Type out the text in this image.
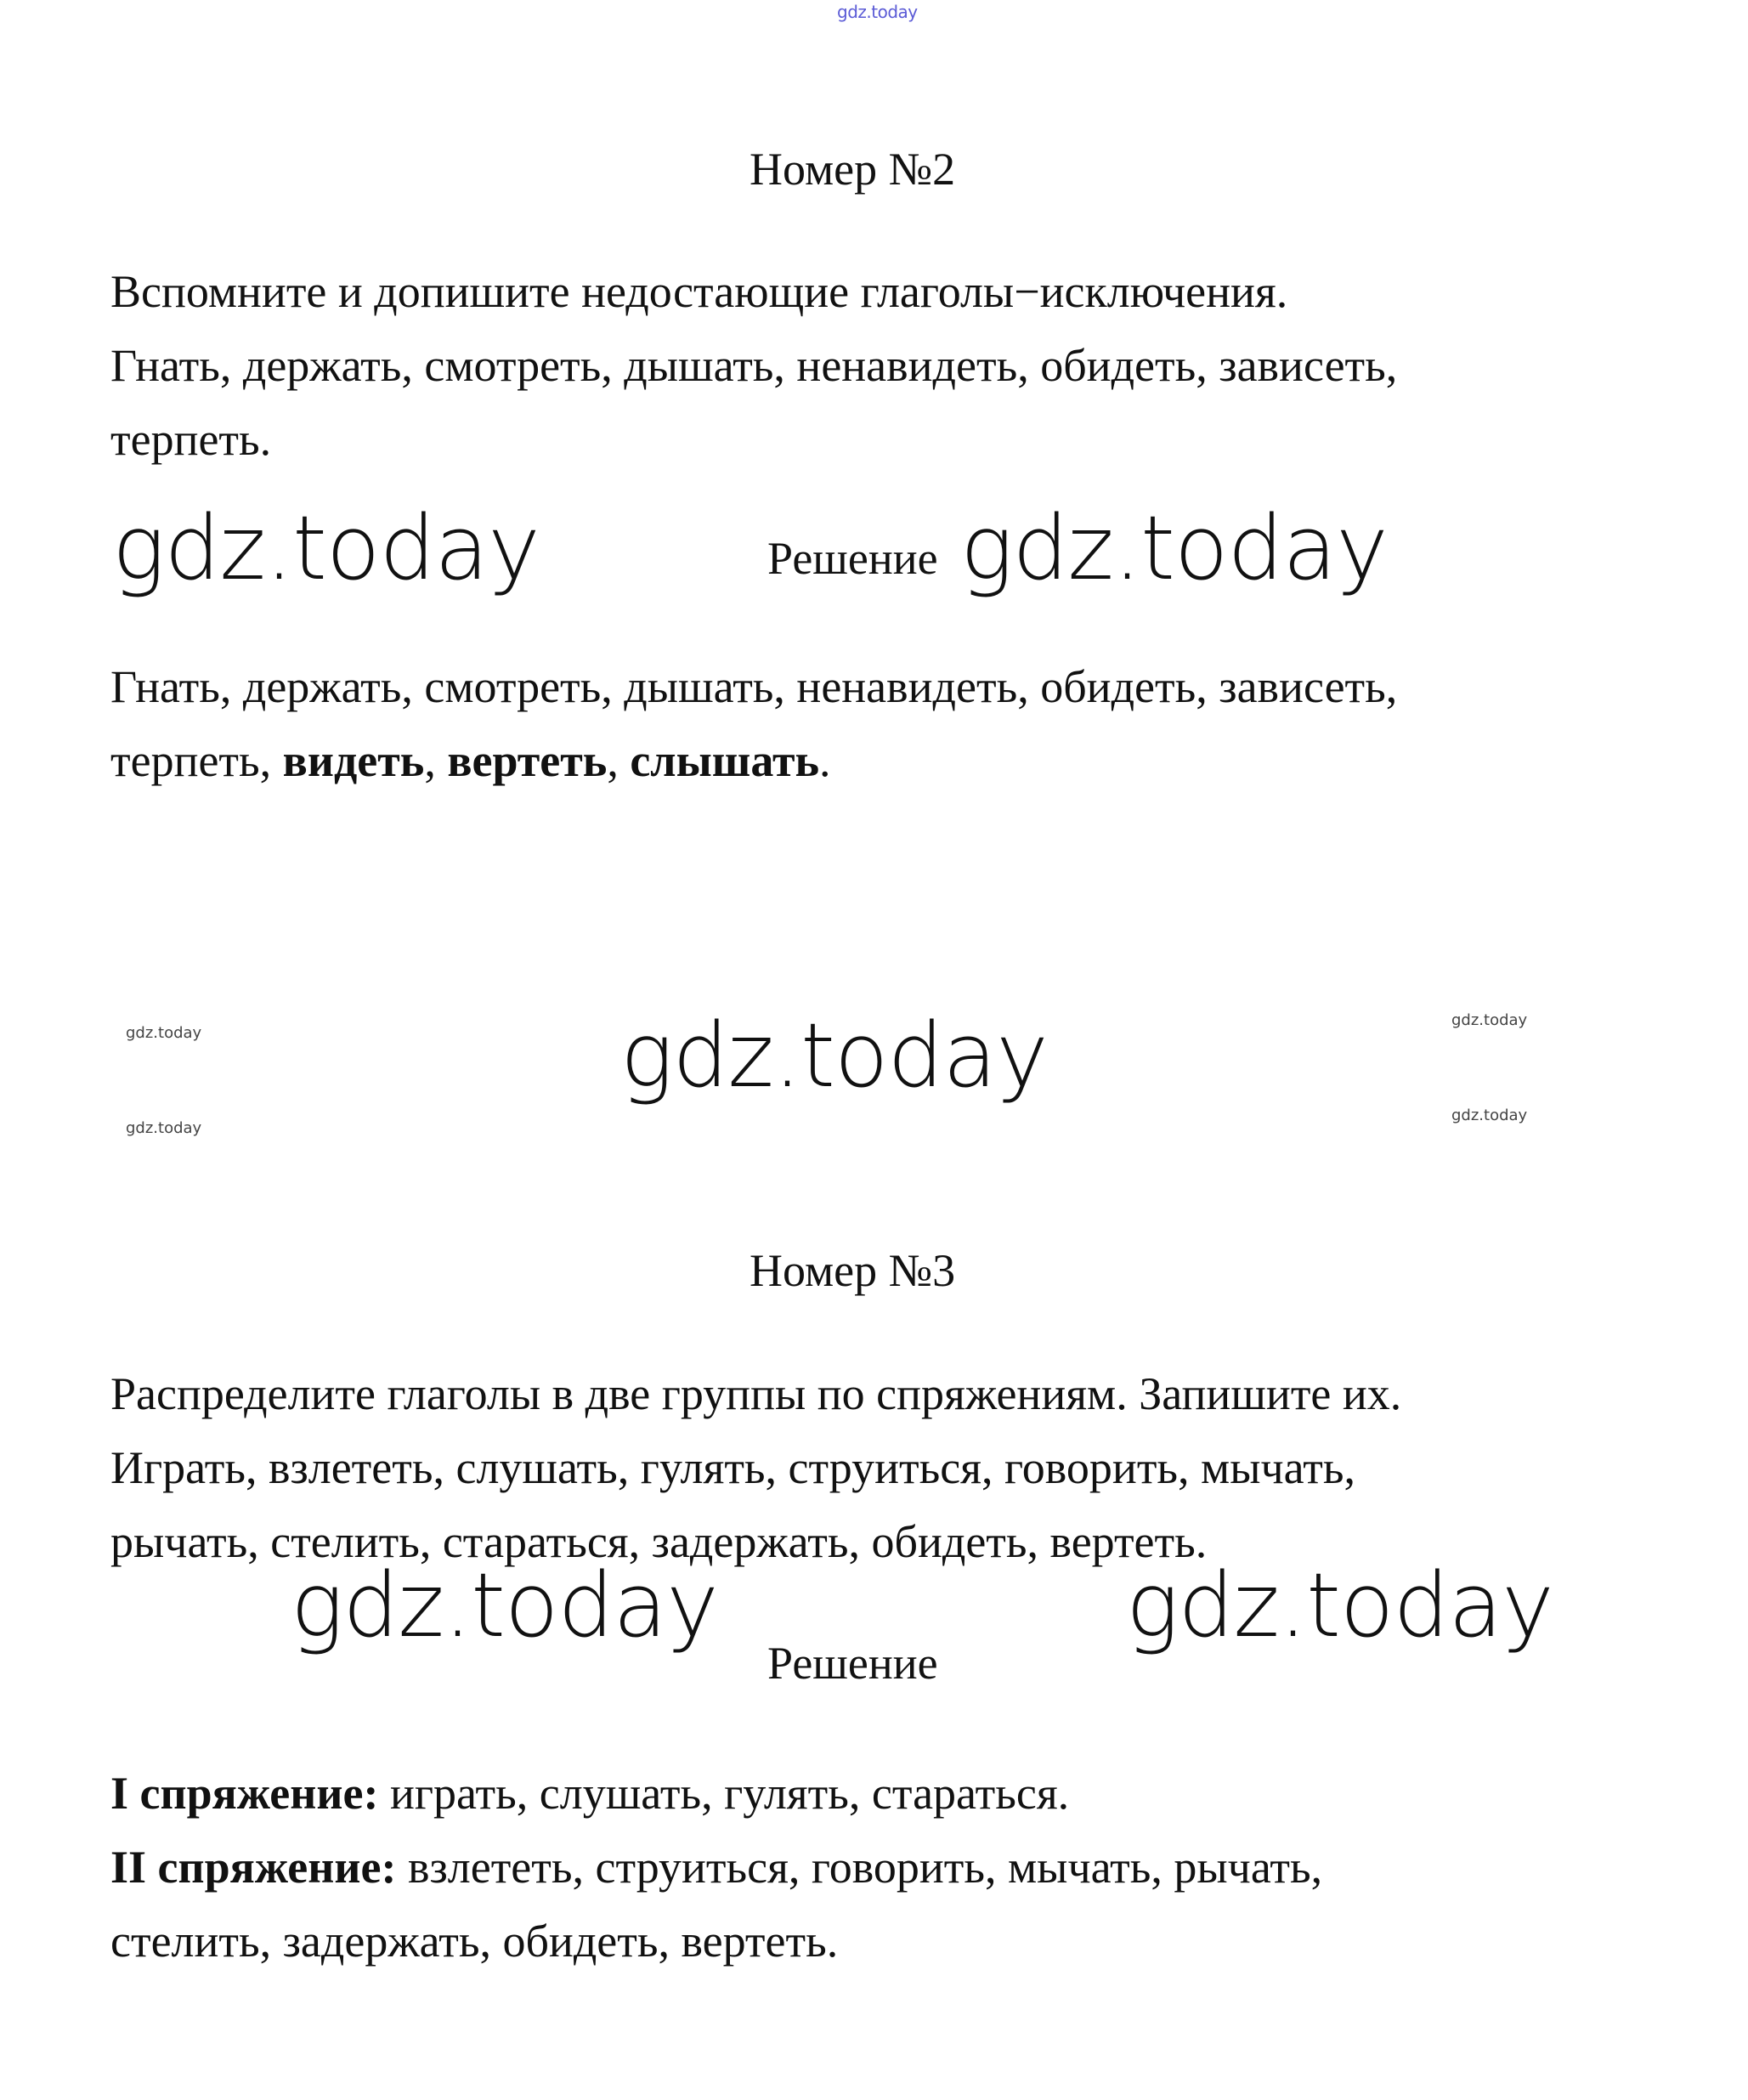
gdz.today
Номер №2

Вспомните и допишите недостающие глаголы−исключения.
Гнать, держать, смотреть, дышать, ненавидеть, обидеть, зависеть,
терпеть.

gdz.today	Решение gdz.today

Гнать, держать, смотреть, дышать, ненавидеть, обидеть, зависеть,
терпеть, видеть, вертеть, слышать.

gdz.today
gdz.today
gdz.today
gdz.today
gdz.today
Номер №3

Распределите глаголы в две группы по спряжениям. Запишите их.
Играть, взлететь, слушать, гулять, струиться, говорить, мычать,
рычать, стелить, стараться, задержать, обидеть, вертеть.

gdz.today	gdz.today
Решение

I спряжение: играть, слушать, гулять, стараться.
II спряжение: взлететь, струиться, говорить, мычать, рычать,
стелить, задержать, обидеть, вертеть.
